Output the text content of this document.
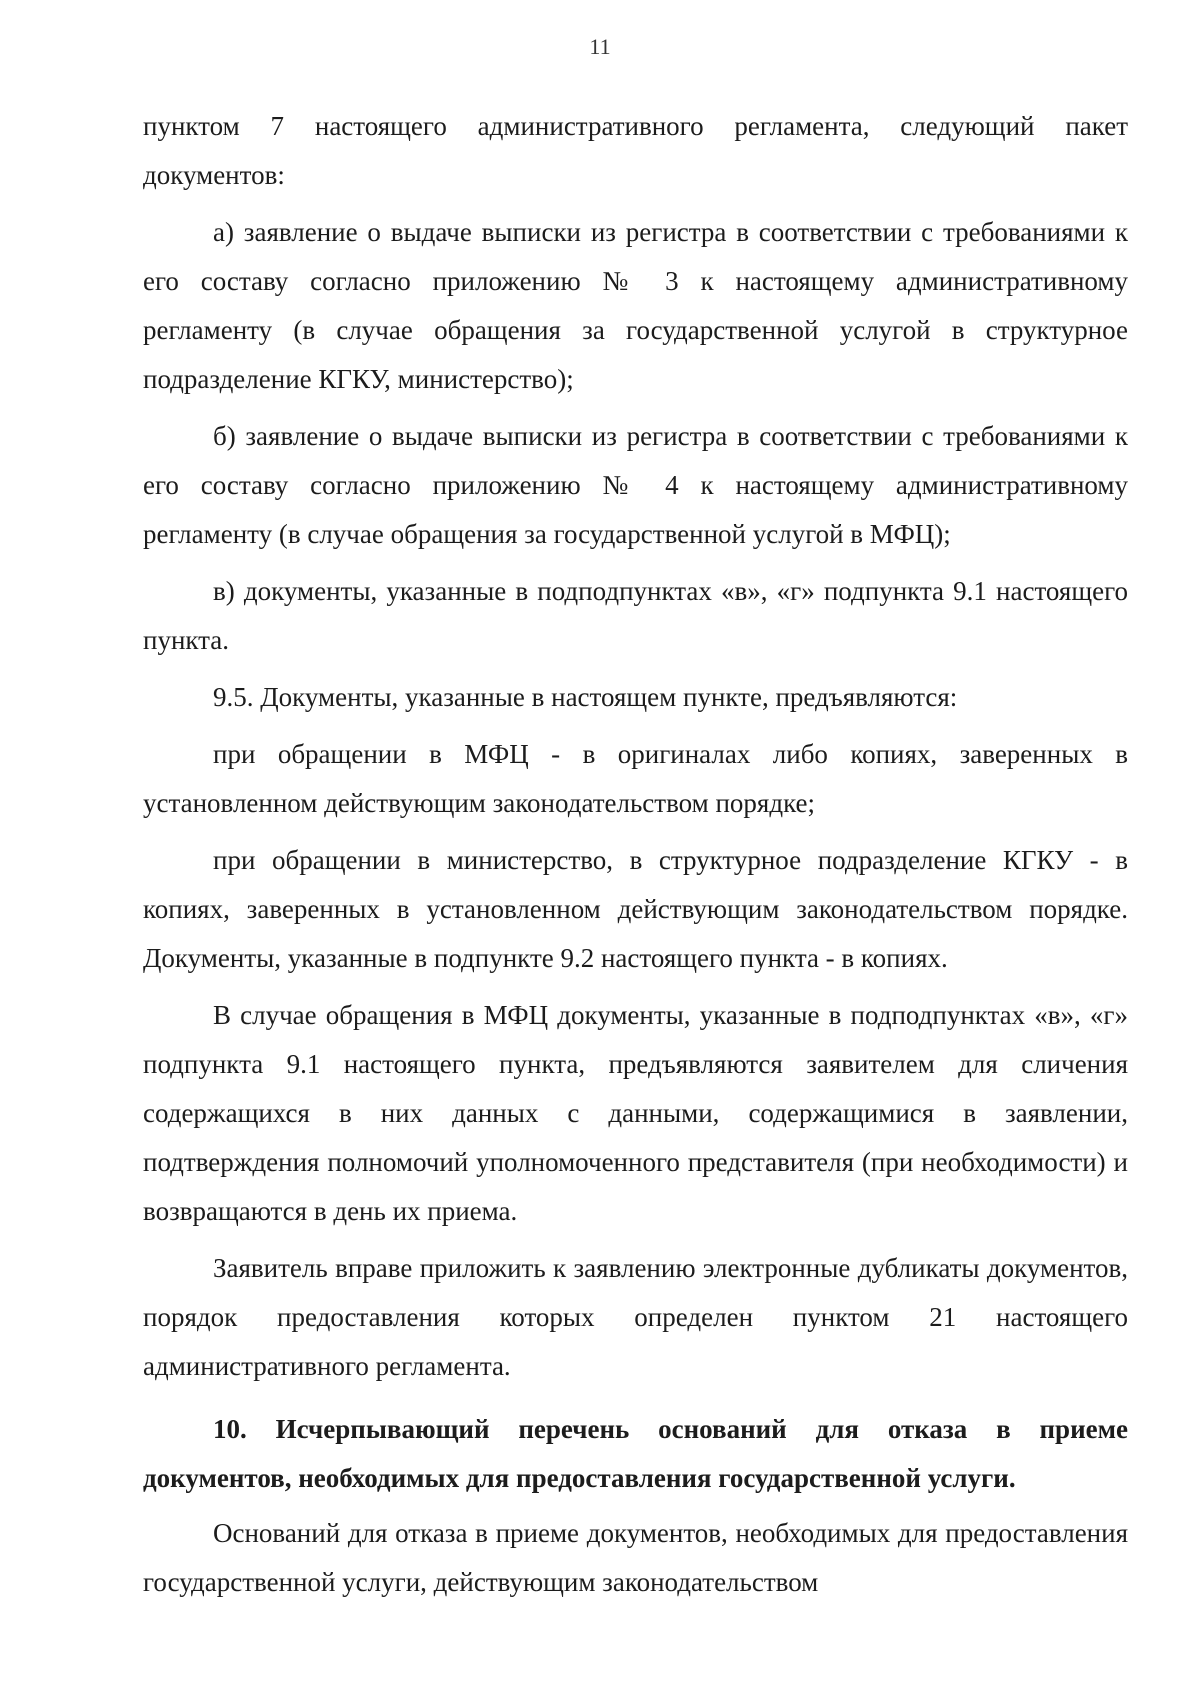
11

пунктом 7 настоящего административного регламента, следующий пакет документов:

а) заявление о выдаче выписки из регистра в соответствии с требованиями к его составу согласно приложению № 3 к настоящему административному регламенту (в случае обращения за государственной услугой в структурное подразделение КГКУ, министерство);

б) заявление о выдаче выписки из регистра в соответствии с требованиями к его составу согласно приложению № 4 к настоящему административному регламенту (в случае обращения за государственной услугой в МФЦ);

в) документы, указанные в подподпунктах «в», «г» подпункта 9.1 настоящего пункта.

9.5. Документы, указанные в настоящем пункте, предъявляются:

при обращении в МФЦ - в оригиналах либо копиях, заверенных в установленном действующим законодательством порядке;

при обращении в министерство, в структурное подразделение КГКУ - в копиях, заверенных в установленном действующим законодательством порядке. Документы, указанные в подпункте 9.2 настоящего пункта - в копиях.

В случае обращения в МФЦ документы, указанные в подподпунктах «в», «г» подпункта 9.1 настоящего пункта, предъявляются заявителем для сличения содержащихся в них данных с данными, содержащимися в заявлении, подтверждения полномочий уполномоченного представителя (при необходимости) и возвращаются в день их приема.

Заявитель вправе приложить к заявлению электронные дубликаты документов, порядок предоставления которых определен пунктом 21 настоящего административного регламента.

10. Исчерпывающий перечень оснований для отказа в приеме документов, необходимых для предоставления государственной услуги.

Оснований для отказа в приеме документов, необходимых для предоставления государственной услуги, действующим законодательством
